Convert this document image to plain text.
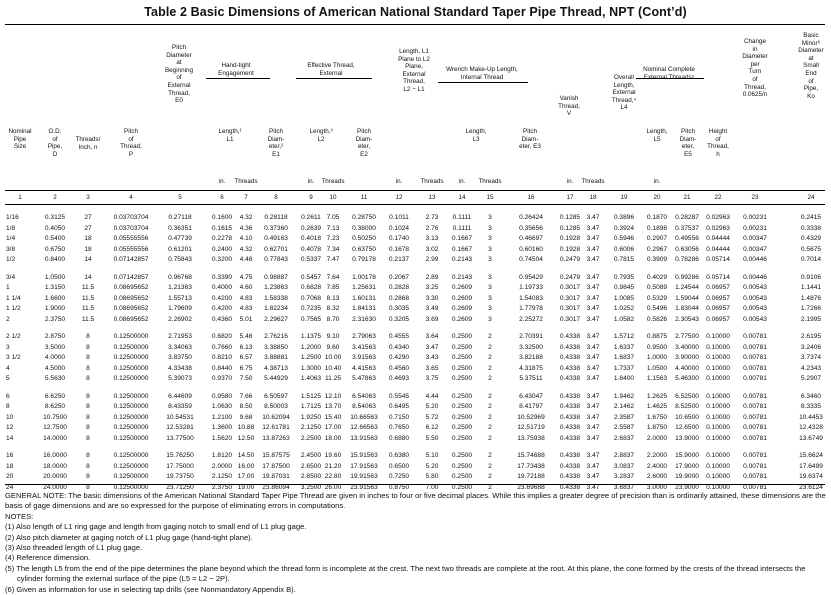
Table 2 Basic Dimensions of American National Standard Taper Pipe Thread, NPT (Cont’d)
Nominal
Pipe
Size
O.D.
of
Pipe,
D
Threads/
Inch, n
Pitch
of
Thread,
P
Pitch
Diameter
at
Beginning
of
External
Thread,
E0
Hand-tight
Engagement
Length,¹
L1
Pitch
Diam-
eter,²
E1
Effective Thread,
External
Length,³
L2
Pitch
Diam-
eter,
E2
Length, L1
Plane to L2
Plane,
External
Thread,
L2 − L1
Wrench Make-Up Length,
Internal Thread
Length,
L3
Pitch
Diam-
eter, E3
Vanish
Thread,
V
Overall
Length,
External
Thread,⁴
L4
Nominal Complete
External Threads⁵
Length,
L5
Pitch
Diam-
eter,
E5
Height
of
Thread,
h
Change
in
Diameter
per
Turn
of
Thread,
0.0625/n
Basic
Minor⁶
Diameter
at
Small
End
of
Pipe,
Ko
in.	Threads	in.	Threads	in.	Threads	in.	Threads	in.	Threads	in.
1	2	3	4	5	6	7	8	9	10	11	12	13	14	15	16	17	18	19	20	21	22	23	24
1/16	0.3125	27	0.03703704	0.27118	0.1600	4.32	0.28118	0.2611 7.05	0.28750	0.1011	2.73	0.1111	3	0.26424	0.1285 3.47	0.3896	0.1870	0.28287	0.02963	0.00231	0.2415
1/8	0.4050	27	0.03703704	0.36351	0.1615	4.36	0.37360	0.2639 7.13	0.38000	0.1024	2.76	0.1111	3	0.35656	0.1285 3.47	0.3924	0.1898	0.37537	0.02963	0.00231	0.3338
1/4	0.5400	18	0.05555556	0.47739	0.2278	4.10	0.49163	0.4018 7.23	0.50250	0.1740	3.13	0.1667	3	0.46697	0.1928 3.47	0.5946	0.2907	0.49556	0.04444	0.00347	0.4329
3/8	0.6750	18	0.05555556	0.61201	0.2400	4.32	0.62701	0.4078 7.34	0.63750	0.1678	3.02	0.1667	3	0.60160	0.1928 3.47	0.6006	0.2967	0.63056	0.04444	0.00347	0.5675
1/2	0.8400	14	0.07142857	0.75843	0.3200	4.48	0.77843	0.5337 7.47	0.79178	0.2137	2.99	0.2143	3	0.74504	0.2479 3.47	0.7815	0.3909	0.78286	0.05714	0.00446	0.7014
3/4	1.0500	14	0.07142857	0.96768	0.3390	4.75	0.98887	0.5457 7.64	1.00178	0.2067	2.89	0.2143	3	0.95429	0.2479 3.47	0.7935	0.4029	0.99286	0.05714	0.00446	0.9106
1	1.3150	11.5	0.08695652	1.21363	0.4000	4.60	1.23863	0.6828 7.85	1.25631	0.2828	3.25	0.2609	3	1.19733	0.3017 3.47	0.9845	0.5089	1.24544	0.06957	0.00543	1.1441
1 1/4	1.6600	11.5	0.08695652	1.55713	0.4200	4.83	1.58338	0.7068 8.13	1.60131	0.2868	3.30	0.2609	3	1.54083	0.3017 3.47	1.0085	0.5329	1.59044	0.06957	0.00543	1.4876
1 1/2	1.9000	11.5	0.08695652	1.79609	0.4200	4.83	1.82234	0.7235 8.32	1.84131	0.3035	3.49	0.2609	3	1.77978	0.3017 3.47	1.0252	0.5496	1.83044	0.06957	0.00543	1.7266
2	2.3750	11.5	0.08695652	2.26902	0.4360	5.01	2.29627	0.7565 8.70	2.31630	0.3205	3.69	0.2609	3	2.25272	0.3017 3.47	1.0582	0.5826	2.30543	0.06957	0.00543	2.1995
2 1/2	2.8750	8	0.12500000	2.71953	0.6820	5.46	2.76216	1.1375 9.10	2.79063	0.4555	3.64	0.2500	2	2.70391	0.4338 3.47	1.5712	0.8875	2.77500	0.10000	0.00781	2.6195
3	3.5000	8	0.12500000	3.34063	0.7660	6.13	3.38850	1.2000 9.60	3.41563	0.4340	3.47	0.2500	2	3.32500	0.4338 3.47	1.6337	0.9500	3.40000	0.10000	0.00781	3.2406
3 1/2	4.0000	8	0.12500000	3.83750	0.8210	6.57	3.88881	1.2500 10.00	3.91563	0.4290	3.43	0.2500	2	3.82188	0.4338 3.47	1.6837	1.0000	3.90000	0.10000	0.00781	3.7374
4	4.5000	8	0.12500000	4.33438	0.8440	6.75	4.38713	1.3000 10.40	4.41563	0.4560	3.65	0.2500	2	4.31875	0.4338 3.47	1.7337	1.0500	4.40000	0.10000	0.00781	4.2343
5	5.5630	8	0.12500000	5.39073	0.9370	7.50	5.44929	1.4063 11.25	5.47863	0.4693	3.75	0.2500	2	5.37511	0.4338 3.47	1.8400	1.1563	5.46300	0.10000	0.00781	5.2907
6	6.6250	8	0.12500000	6.44609	0.9580	7.66	6.50597	1.5125 12.10	6.54063	0.5545	4.44	0.2500	2	6.43047	0.4338 3.47	1.9462	1.2625	6.52500	0.10000	0.00781	6.3460
8	8.6250	8	0.12500000	8.43359	1.0630	8.50	8.50003	1.7125 13.70	8.54063	0.6495	5.20	0.2500	2	8.41797	0.4338 3.47	2.1462	1.4625	8.52500	0.10000	0.00781	8.3335
10	10.7500	8	0.12500000	10.54531	1.2100	9.68	10.62094	1.9250 15.40	10.66563	0.7150	5.72	0.2500	2	10.52969	0.4338 3.47	2.3587	1.6750	10.6500	0.10000	0.00781	10.4453
12	12.7500	8	0.12500000	12.53281	1.3600 10.88	12.61781	2.1250 17.00	12.66563	0.7650	6.12	0.2500	2	12.51719	0.4338 3.47	2.5587	1.8750	12.6500	0.10000	0.00781	12.4328
14	14.0000	8	0.12500000	13.77500	1.5620 12.50	13.87263	2.2500 18.00	13.91563	0.6880	5.50	0.2500	2	13.75938	0.4338 3.47	2.6837	2.0000	13.9000	0.10000	0.00781	13.6749
16	16.0000	8	0.12500000	15.76250	1.8120 14.50	15.87575	2.4500 19.60	15.91563	0.6380	5.10	0.2500	2	15.74688	0.4338 3.47	2.8837	2.2000	15.9000	0.10000	0.00781	15.6624
18	18.0000	8	0.12500000	17.75000	2.0000 16.00	17.87500	2.6500 21.20	17.91563	0.6500	5.20	0.2500	2	17.73438	0.4338 3.47	3.0837	2.4000	17.9000	0.10000	0.00781	17.6499
20	20.0000	8	0.12500000	19.73750	2.1250 17.00	19.87031	2.8500 22.80	19.91563	0.7250	5.80	0.2500	2	19.72188	0.4338 3.47	3.2837	2.6000	19.9000	0.10000	0.00781	19.6374
24	24.0000	8	0.12500000	23.71250	2.3750 19.00	23.86094	3.2500 26.00	23.91563	0.8750	7.00	0.2500	2	23.69688	0.4338 3.47	3.6837	3.0000	23.9000	0.10000	0.00781	23.6124

GENERAL NOTE: The basic dimensions of the American National Standard Taper Pipe Thread are given in inches to four or five decimal places. While this implies a greater degree of precision than is ordinarily attained, these dimensions are the basis of gage dimensions and are so expressed for the purpose of eliminating errors in computations.

NOTES:

(1) Also length of L1 ring gage and length from gaging notch to small end of L1 plug gage.

(2) Also pitch diameter at gaging notch of L1 plug gage (hand-tight plane).

(3) Also threaded length of L1 plug gage.

(4) Reference dimension.

(5) The length L5 from the end of the pipe determines the plane beyond which the thread form is incomplete at the crest. The next two threads are complete at the root. At this plane, the cone formed by the crests of the thread intersects the cylinder forming the external surface of the pipe (L5 = L2 − 2P).

(6) Given as information for use in selecting tap drills (see Nonmandatory Appendix B).
